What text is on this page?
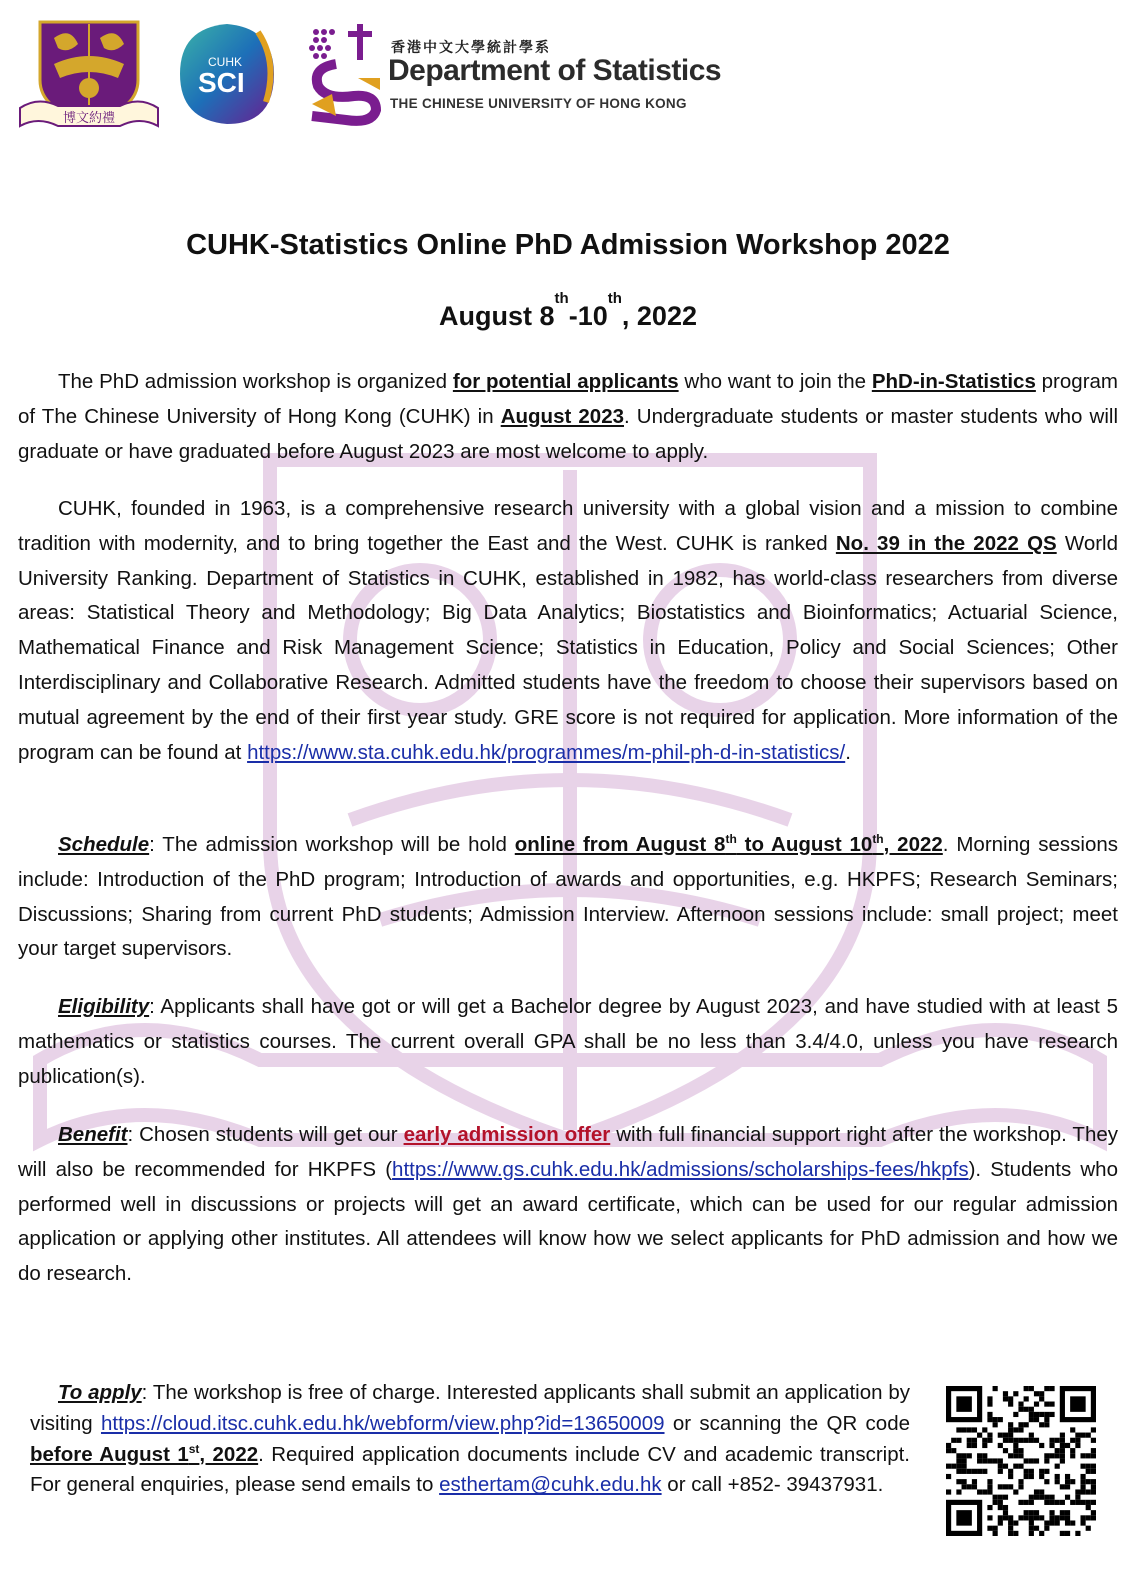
博文約禮
CUHK
SCI
香港中文大學統計學系
Department of Statistics
THE CHINESE UNIVERSITY OF HONG KONG
CUHK-Statistics Online PhD Admission Workshop 2022
August 8th-10th, 2022
The PhD admission workshop is organized for potential applicants who want to join the PhD-in-Statistics program of The Chinese University of Hong Kong (CUHK) in August 2023. Undergraduate students or master students who will graduate or have graduated before August 2023 are most welcome to apply.
CUHK, founded in 1963, is a comprehensive research university with a global vision and a mission to combine tradition with modernity, and to bring together the East and the West. CUHK is ranked No. 39 in the 2022 QS World University Ranking. Department of Statistics in CUHK, established in 1982, has world-class researchers from diverse areas: Statistical Theory and Methodology; Big Data Analytics; Biostatistics and Bioinformatics; Actuarial Science, Mathematical Finance and Risk Management Science; Statistics in Education, Policy and Social Sciences; Other Interdisciplinary and Collaborative Research. Admitted students have the freedom to choose their supervisors based on mutual agreement by the end of their first year study. GRE score is not required for application. More information of the program can be found at https://www.sta.cuhk.edu.hk/programmes/m-phil-ph-d-in-statistics/.
Schedule: The admission workshop will be hold online from August 8th to August 10th, 2022. Morning sessions include: Introduction of the PhD program; Introduction of awards and opportunities, e.g. HKPFS; Research Seminars; Discussions; Sharing from current PhD students; Admission Interview. Afternoon sessions include: small project; meet your target supervisors.
Eligibility: Applicants shall have got or will get a Bachelor degree by August 2023, and have studied with at least 5 mathematics or statistics courses. The current overall GPA shall be no less than 3.4/4.0, unless you have research publication(s).
Benefit: Chosen students will get our early admission offer with full financial support right after the workshop. They will also be recommended for HKPFS (https://www.gs.cuhk.edu.hk/admissions/scholarships-fees/hkpfs). Students who performed well in discussions or projects will get an award certificate, which can be used for our regular admission application or applying other institutes. All attendees will know how we select applicants for PhD admission and how we do research.
To apply: The workshop is free of charge. Interested applicants shall submit an application by visiting https://cloud.itsc.cuhk.edu.hk/webform/view.php?id=13650009 or scanning the QR code before August 1st, 2022. Required application documents include CV and academic transcript. For general enquiries, please send emails to esthertam@cuhk.edu.hk or call +852- 39437931.
